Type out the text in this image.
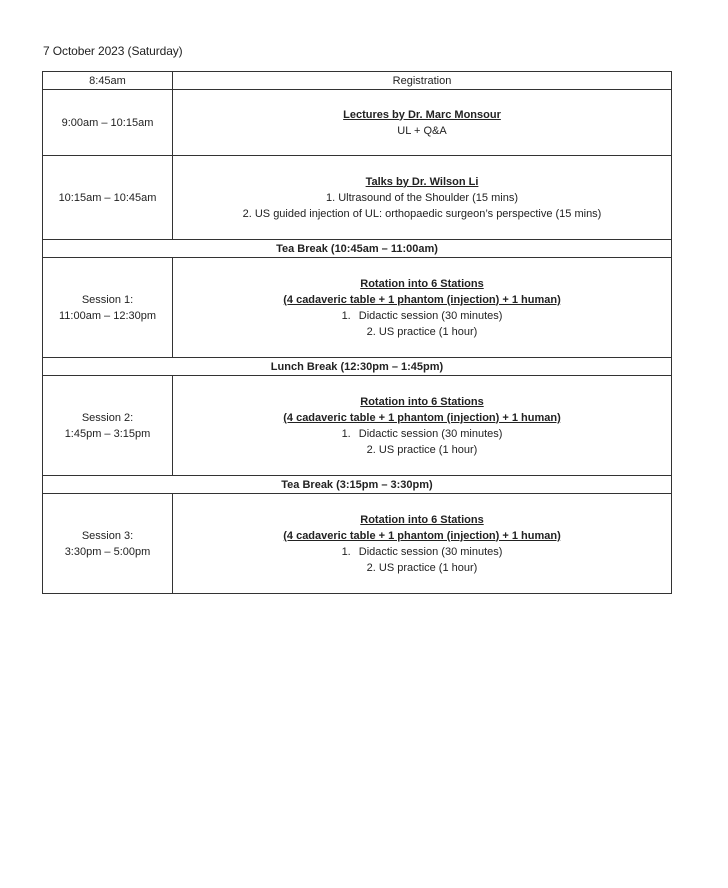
7 October 2023 (Saturday)
8:45am	Registration
9:00am – 10:15am	Lectures by Dr. Marc Monsour
UL + Q&A

10:15am – 10:45am	Talks by Dr. Wilson Li
1. Ultrasound of the Shoulder (15 mins)
2. US guided injection of UL: orthopaedic surgeon’s perspective (15 mins)

Tea Break (10:45am – 11:00am)	

Session 1:
11:00am – 12:30pm	Rotation into 6 Stations
(4 cadaveric table + 1 phantom (injection) + 1 human)
1. Didactic session (30 minutes)
2. US practice (1 hour)

Lunch Break (12:30pm – 1:45pm)	

Session 2:
1:45pm – 3:15pm	Rotation into 6 Stations
(4 cadaveric table + 1 phantom (injection) + 1 human)
1. Didactic session (30 minutes)
2. US practice (1 hour)

Tea Break (3:15pm – 3:30pm)	

Session 3:
3:30pm – 5:00pm	Rotation into 6 Stations
(4 cadaveric table + 1 phantom (injection) + 1 human)
1. Didactic session (30 minutes)
2. US practice (1 hour)
